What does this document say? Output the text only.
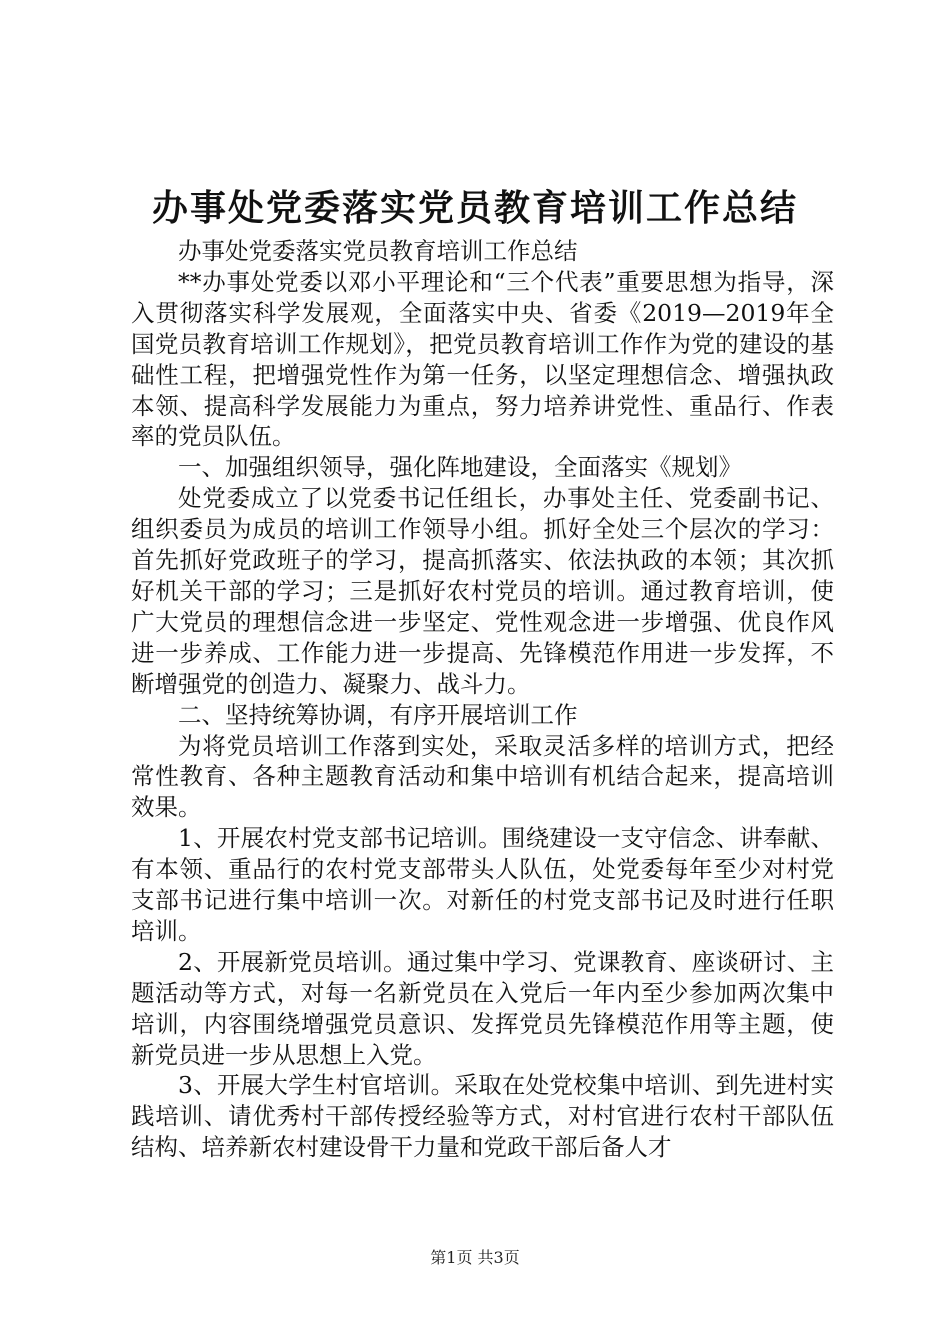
办事处党委落实党员教育培训工作总结

办事处党委落实党员教育培训工作总结

**办事处党委以邓小平理论和“三个代表”重要思想为指导，深入贯彻落实科学发展观，全面落实中央、省委《2019—2019年全国党员教育培训工作规划》，把党员教育培训工作作为党的建设的基础性工程，把增强党性作为第一任务，以坚定理想信念、增强执政本领、提高科学发展能力为重点，努力培养讲党性、重品行、作表率的党员队伍。

一、加强组织领导，强化阵地建设，全面落实《规划》

处党委成立了以党委书记任组长，办事处主任、党委副书记、组织委员为成员的培训工作领导小组。抓好全处三个层次的学习：首先抓好党政班子的学习，提高抓落实、依法执政的本领；其次抓好机关干部的学习；三是抓好农村党员的培训。通过教育培训，使广大党员的理想信念进一步坚定、党性观念进一步增强、优良作风进一步养成、工作能力进一步提高、先锋模范作用进一步发挥，不断增强党的创造力、凝聚力、战斗力。

二、坚持统筹协调，有序开展培训工作

为将党员培训工作落到实处，采取灵活多样的培训方式，把经常性教育、各种主题教育活动和集中培训有机结合起来，提高培训效果。

1、开展农村党支部书记培训。围绕建设一支守信念、讲奉献、有本领、重品行的农村党支部带头人队伍，处党委每年至少对村党支部书记进行集中培训一次。对新任的村党支部书记及时进行任职培训。

2、开展新党员培训。通过集中学习、党课教育、座谈研讨、主题活动等方式，对每一名新党员在入党后一年内至少参加两次集中培训，内容围绕增强党员意识、发挥党员先锋模范作用等主题，使新党员进一步从思想上入党。

3、开展大学生村官培训。采取在处党校集中培训、到先进村实践培训、请优秀村干部传授经验等方式，对村官进行农村干部队伍结构、培养新农村建设骨干力量和党政干部后备人才

第1页 共3页
